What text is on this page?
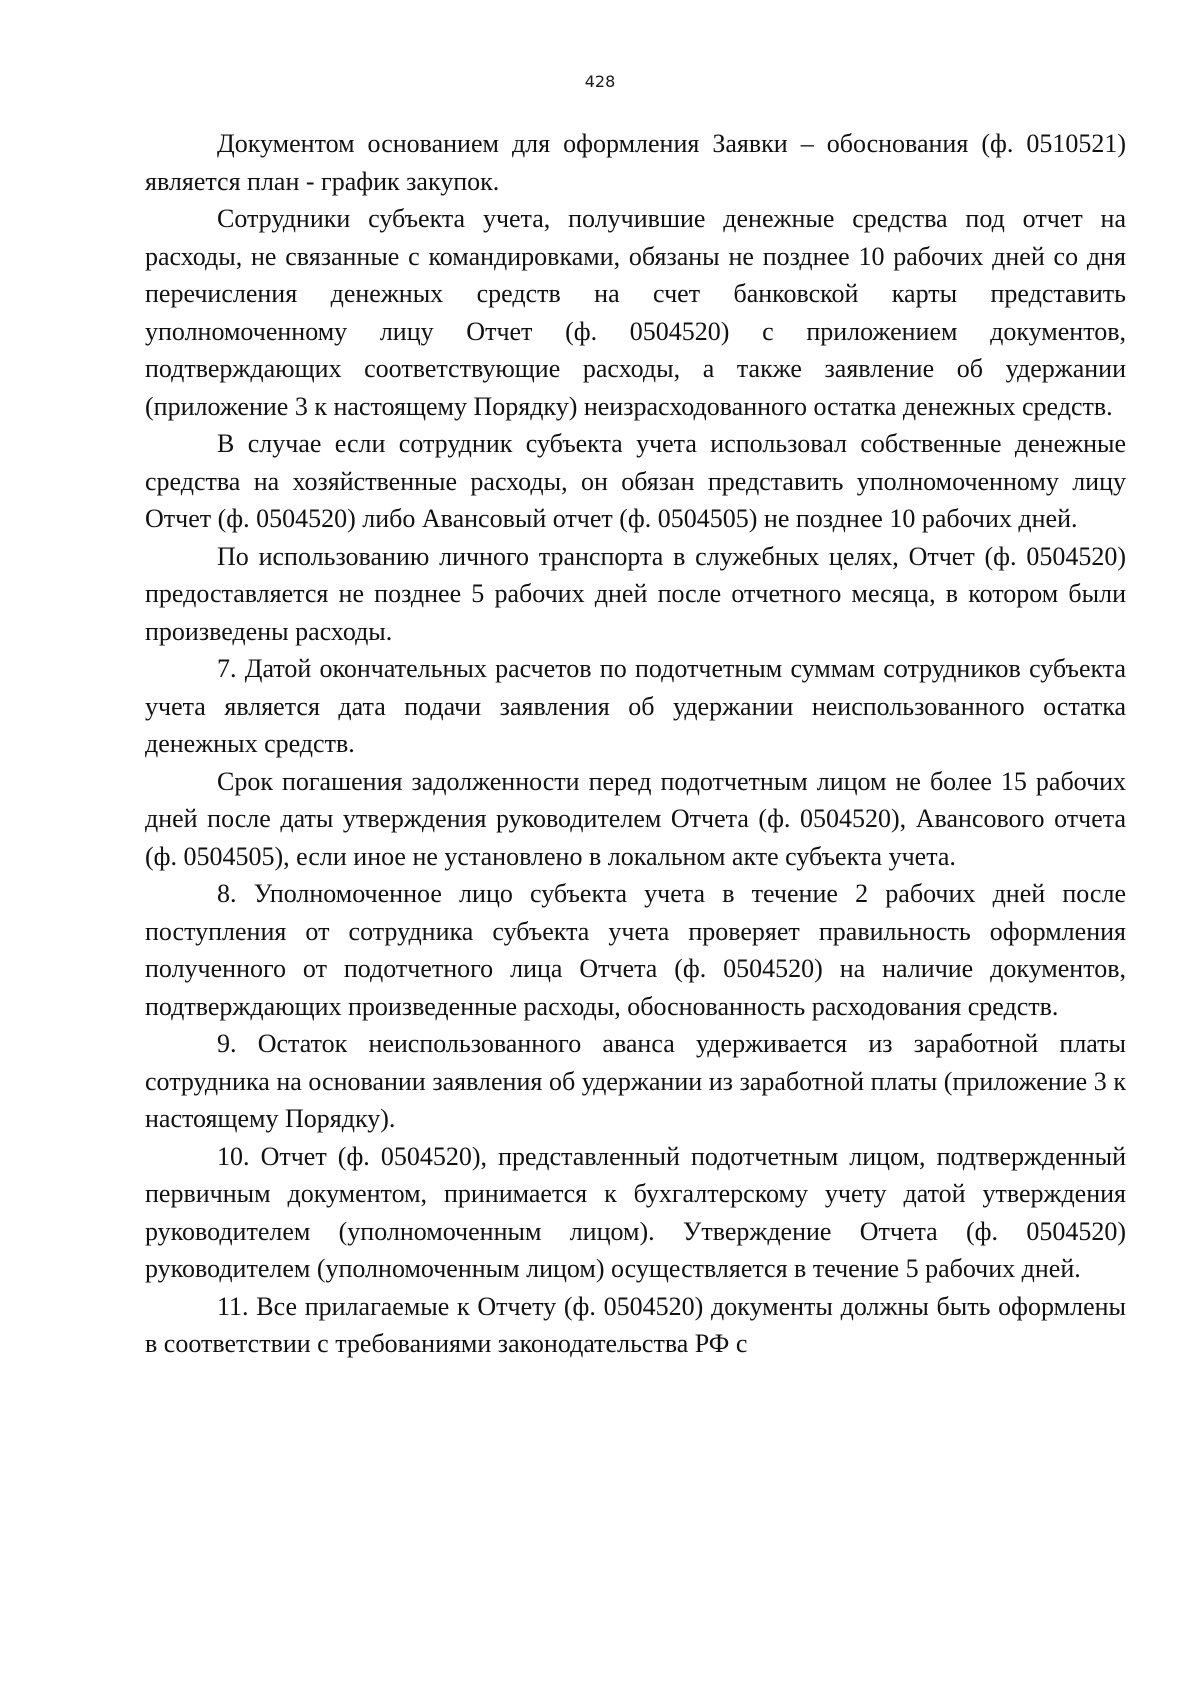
428

Документом основанием для оформления Заявки – обоснования (ф. 0510521) является план - график закупок.

Сотрудники субъекта учета, получившие денежные средства под отчет на расходы, не связанные с командировками, обязаны не позднее 10 рабочих дней со дня перечисления денежных средств на счет банковской карты представить уполномоченному лицу Отчет (ф. 0504520) с приложением документов, подтверждающих соответствующие расходы, а также заявление об удержании (приложение 3 к настоящему Порядку) неизрасходованного остатка денежных средств.

В случае если сотрудник субъекта учета использовал собственные денежные средства на хозяйственные расходы, он обязан представить уполномоченному лицу Отчет (ф. 0504520) либо Авансовый отчет (ф. 0504505) не позднее 10 рабочих дней.

По использованию личного транспорта в служебных целях, Отчет (ф. 0504520) предоставляется не позднее 5 рабочих дней после отчетного месяца, в котором были произведены расходы.

7. Датой окончательных расчетов по подотчетным суммам сотрудников субъекта учета является дата подачи заявления об удержании неиспользованного остатка денежных средств.

Срок погашения задолженности перед подотчетным лицом не более 15 рабочих дней после даты утверждения руководителем Отчета (ф. 0504520), Авансового отчета (ф. 0504505), если иное не установлено в локальном акте субъекта учета.

8. Уполномоченное лицо субъекта учета в течение 2 рабочих дней после поступления от сотрудника субъекта учета проверяет правильность оформления полученного от подотчетного лица Отчета (ф. 0504520) на наличие документов, подтверждающих произведенные расходы, обоснованность расходования средств.

9. Остаток неиспользованного аванса удерживается из заработной платы сотрудника на основании заявления об удержании из заработной платы (приложение 3 к настоящему Порядку).

10. Отчет (ф. 0504520), представленный подотчетным лицом, подтвержденный первичным документом, принимается к бухгалтерскому учету датой утверждения руководителем (уполномоченным лицом). Утверждение Отчета (ф. 0504520) руководителем (уполномоченным лицом) осуществляется в течение 5 рабочих дней.

11. Все прилагаемые к Отчету (ф. 0504520) документы должны быть оформлены в соответствии с требованиями законодательства РФ с
